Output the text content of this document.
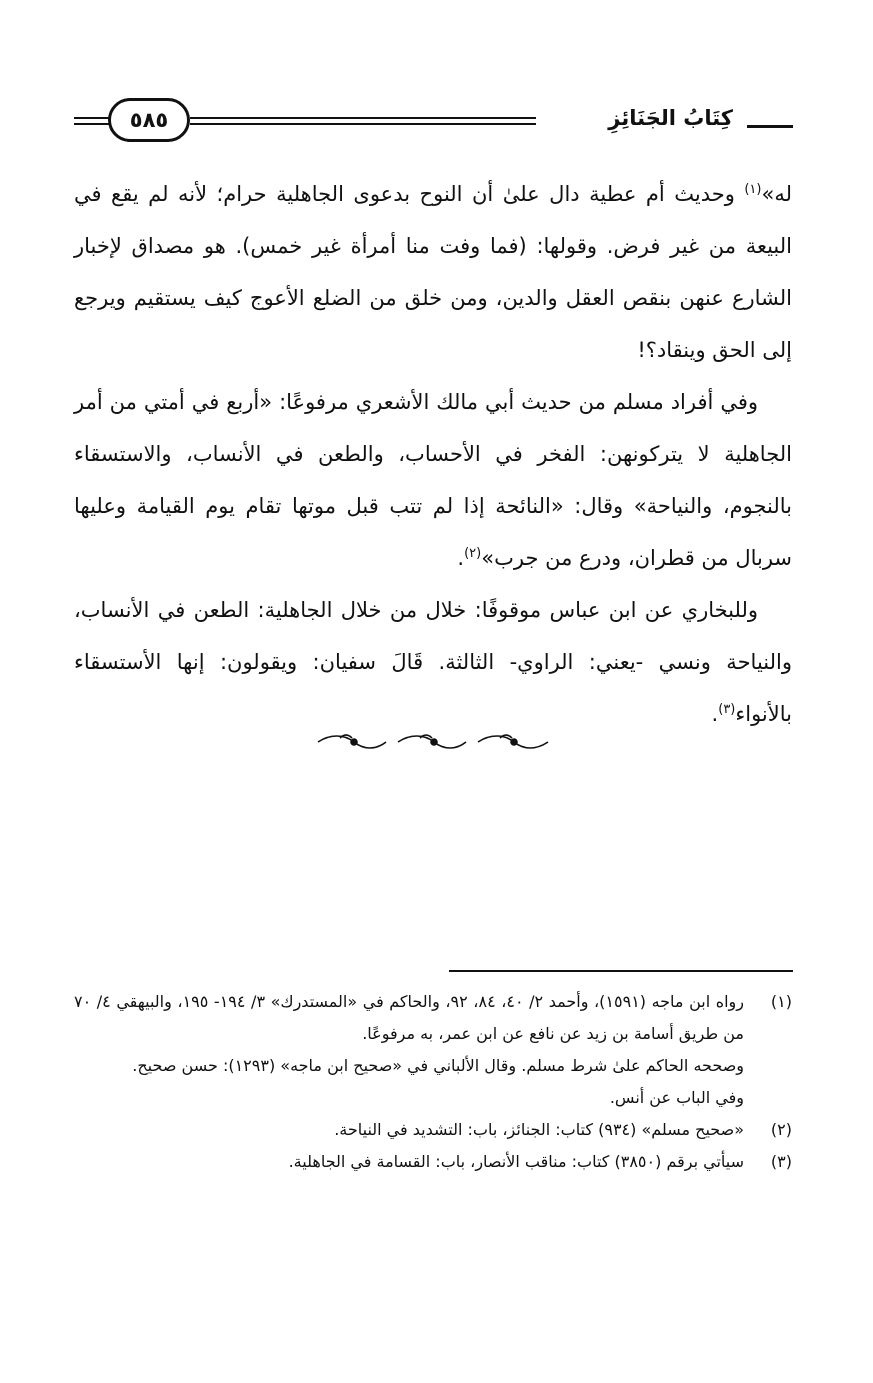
٥٨٥	كِتَابُ الجَنَائِزِ

له»$^{(١)}$ وحديث أم عطية دال علىٰ أن النوح بدعوى الجاهلية حرام؛ لأنه لم يقع في البيعة من غير فرض. وقولها: (فما وفت منا أمرأة غير خمس). هو مصداق لإخبار الشارع عنهن بنقص العقل والدين، ومن خلق من الضلع الأعوج كيف يستقيم ويرجع إلى الحق وينقاد؟!

وفي أفراد مسلم من حديث أبي مالك الأشعري مرفوعًا: «أربع في أمتي من أمر الجاهلية لا يتركونهن: الفخر في الأحساب، والطعن في الأنساب، والاستسقاء بالنجوم، والنياحة» وقال: «النائحة إذا لم تتب قبل موتها تقام يوم القيامة وعليها سربال من قطران، ودرع من جرب»$^{(٢)}$.

وللبخاري عن ابن عباس موقوفًا: خلال من خلال الجاهلية: الطعن في الأنساب، والنياحة ونسي -يعني: الراوي- الثالثة. قَالَ سفيان: ويقولون: إنها الأستسقاء بالأنواء$^{(٣)}$.

(١)

رواه ابن ماجه (١٥٩١)، وأحمد ٢/ ٤٠، ٨٤، ٩٢، والحاكم في «المستدرك» ٣/ ١٩٤- ١٩٥، والبيهقي ٤/ ٧٠ من طريق أسامة بن زيد عن نافع عن ابن عمر، به مرفوعًا.

وصححه الحاكم علىٰ شرط مسلم. وقال الألباني في «صحيح ابن ماجه» (١٢٩٣): حسن صحيح.

وفي الباب عن أنس.

(٢)

«صحيح مسلم» (٩٣٤) كتاب: الجنائز، باب: التشديد في النياحة.

(٣)

سيأتي برقم (٣٨٥٠) كتاب: مناقب الأنصار، باب: القسامة في الجاهلية.
